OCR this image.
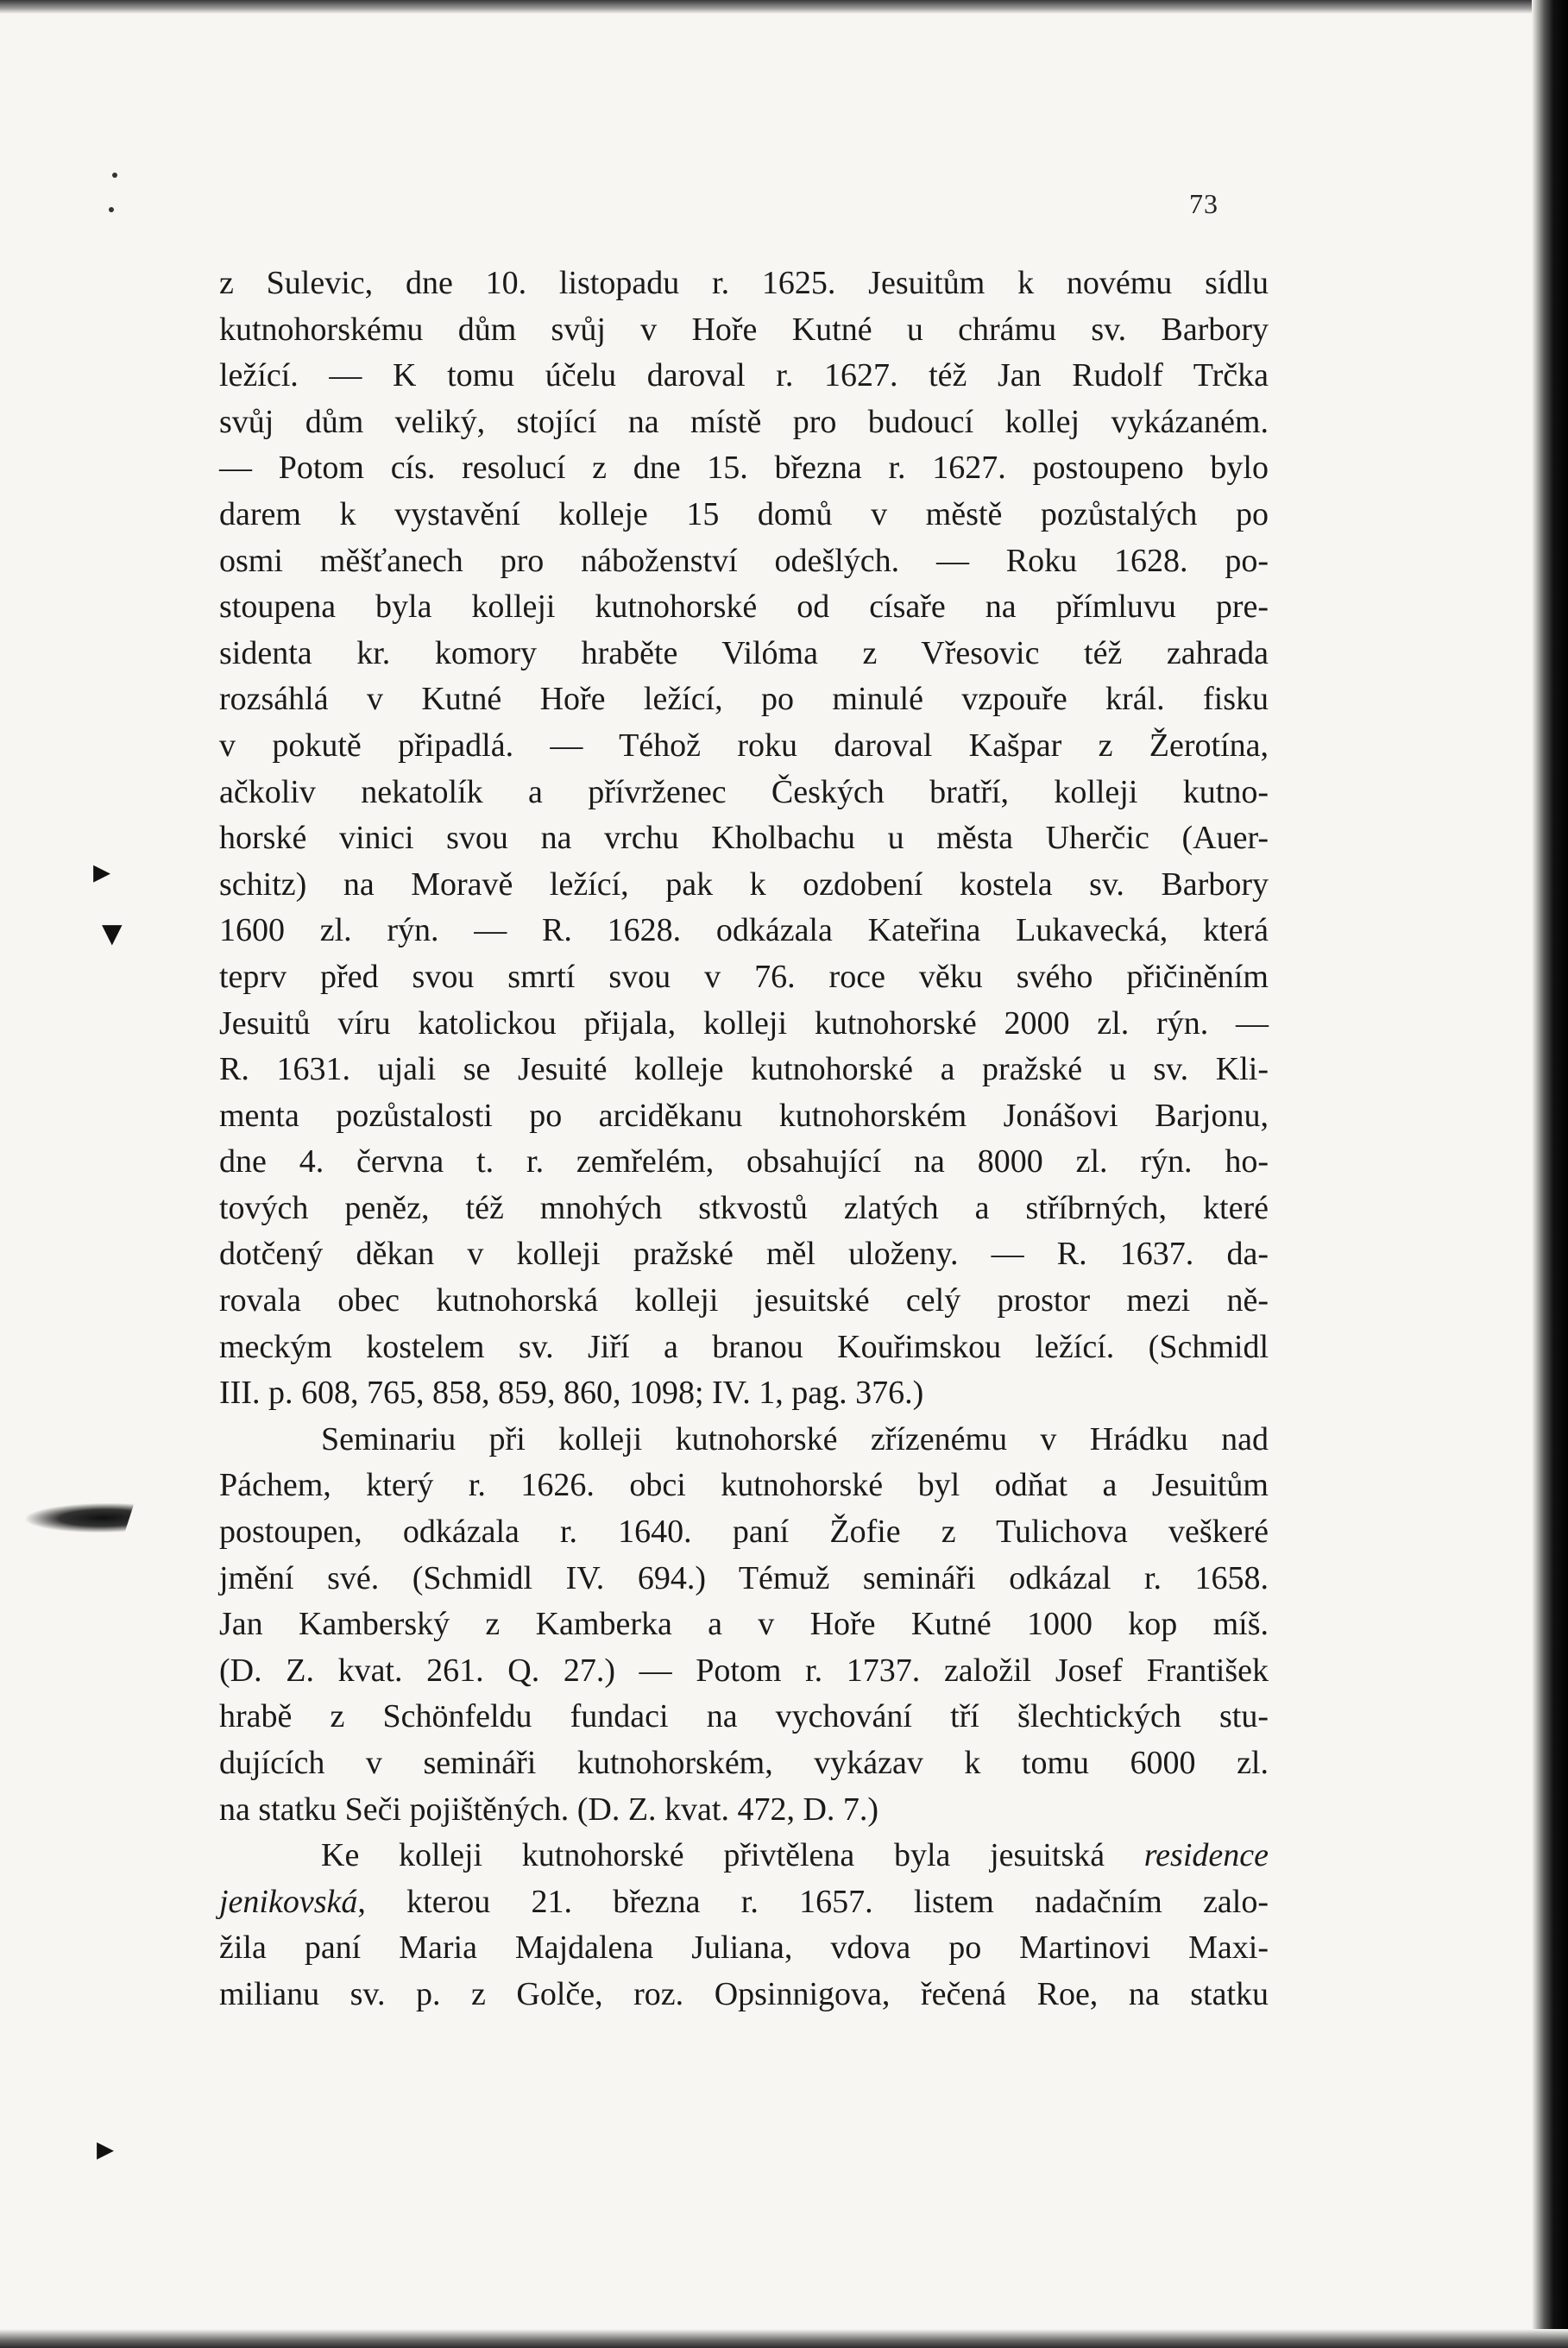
▸
▼
▸
73
z Sulevic, dne 10. listopadu r. 1625. Jesuitům k novému sídlu
kutnohorskému dům svůj v Hoře Kutné u chrámu sv. Barbory
ležící. — K tomu účelu daroval r. 1627. též Jan Rudolf Trčka
svůj dům veliký, stojící na místě pro budoucí kollej vykázaném.
— Potom cís. resolucí z dne 15. března r. 1627. postoupeno bylo
darem k vystavění kolleje 15 domů v městě pozůstalých po
osmi měšťanech pro náboženství odešlých. — Roku 1628. po-
stoupena byla kolleji kutnohorské od císaře na přímluvu pre-
sidenta kr. komory hraběte Vilóma z Vřesovic též zahrada
rozsáhlá v Kutné Hoře ležící, po minulé vzpouře král. fisku
v pokutě připadlá. — Téhož roku daroval Kašpar z Žerotína,
ačkoliv nekatolík a přívrženec Českých bratří, kolleji kutno-
horské vinici svou na vrchu Kholbachu u města Uherčic (Auer-
schitz) na Moravě ležící, pak k ozdobení kostela sv. Barbory
1600 zl. rýn. — R. 1628. odkázala Kateřina Lukavecká, která
teprv před svou smrtí svou v 76. roce věku svého přičiněním
Jesuitů víru katolickou přijala, kolleji kutnohorské 2000 zl. rýn. —
R. 1631. ujali se Jesuité kolleje kutnohorské a pražské u sv. Kli-
menta pozůstalosti po arciděkanu kutnohorském Jonášovi Barjonu,
dne 4. června t. r. zemřelém, obsahující na 8000 zl. rýn. ho-
tových peněz, též mnohých stkvostů zlatých a stříbrných, které
dotčený děkan v kolleji pražské měl uloženy. — R. 1637. da-
rovala obec kutnohorská kolleji jesuitské celý prostor mezi ně-
meckým kostelem sv. Jiří a branou Kouřimskou ležící. (Schmidl
III. p. 608, 765, 858, 859, 860, 1098; IV. 1, pag. 376.)
Seminariu při kolleji kutnohorské zřízenému v Hrádku nad
Páchem, který r. 1626. obci kutnohorské byl odňat a Jesuitům
postoupen, odkázala r. 1640. paní Žofie z Tulichova veškeré
jmění své. (Schmidl IV. 694.) Témuž semináři odkázal r. 1658.
Jan Kamberský z Kamberka a v Hoře Kutné 1000 kop míš.
(D. Z. kvat. 261. Q. 27.) — Potom r. 1737. založil Josef František
hrabě z Schönfeldu fundaci na vychování tří šlechtických stu-
dujících v semináři kutnohorském, vykázav k tomu 6000 zl.
na statku Seči pojištěných. (D. Z. kvat. 472, D. 7.)
Ke kolleji kutnohorské přivtělena byla jesuitská residence
jenikovská, kterou 21. března r. 1657. listem nadačním zalo-
žila paní Maria Majdalena Juliana, vdova po Martinovi Maxi-
milianu sv. p. z Golče, roz. Opsinnigova, řečená Roe, na statku
